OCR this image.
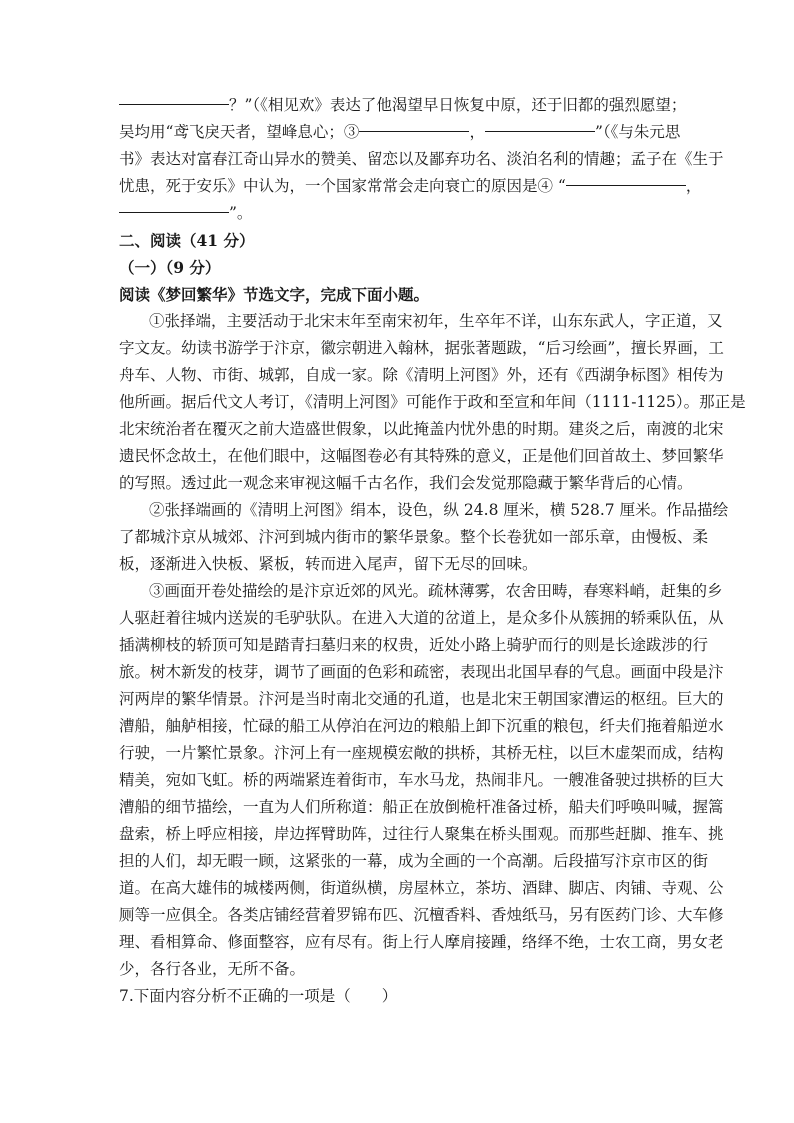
？”（《相见欢》表达了他渴望早日恢复中原，还于旧都的强烈愿望；

吴均用“鸢飞戾天者，望峰息心；③	，	”（《与朱元思

书》表达对富春江奇山异水的赞美、留恋以及鄙弃功名、淡泊名利的情趣；孟子在《生于

忧患，死于安乐》中认为，一个国家常常会走向衰亡的原因是④ “	，

”。

二、阅读（41 分）

（一）（9 分）

阅读《梦回繁华》节选文字，完成下面小题。

①张择端，主要活动于北宋末年至南宋初年，生卒年不详，山东东武人，字正道，又

字文友。幼读书游学于汴京，徽宗朝进入翰林，据张著题跋，“后习绘画”，擅长界画，工

舟车、人物、市街、城郭，自成一家。除《清明上河图》外，还有《西湖争标图》相传为

他所画。据后代文人考订，《清明上河图》可能作于政和至宣和年间（1111-1125）。那正是

北宋统治者在覆灭之前大造盛世假象，以此掩盖内忧外患的时期。建炎之后，南渡的北宋

遗民怀念故土，在他们眼中，这幅图卷必有其特殊的意义，正是他们回首故土、梦回繁华

的写照。透过此一观念来审视这幅千古名作，我们会发觉那隐藏于繁华背后的心情。

②张择端画的《清明上河图》绢本，设色，纵 24.8 厘米，横 528.7 厘米。作品描绘

了都城汴京从城郊、汴河到城内街市的繁华景象。整个长卷犹如一部乐章，由慢板、柔

板，逐渐进入快板、紧板，转而进入尾声，留下无尽的回味。

③画面开卷处描绘的是汴京近郊的风光。疏林薄雾，农舍田畴，春寒料峭，赶集的乡

人驱赶着往城内送炭的毛驴驮队。在进入大道的岔道上，是众多仆从簇拥的轿乘队伍，从

插满柳枝的轿顶可知是踏青扫墓归来的权贵，近处小路上骑驴而行的则是长途跋涉的行

旅。树木新发的枝芽，调节了画面的色彩和疏密，表现出北国早春的气息。画面中段是汴

河两岸的繁华情景。汴河是当时南北交通的孔道，也是北宋王朝国家漕运的枢纽。巨大的

漕船，舳舻相接，忙碌的船工从停泊在河边的粮船上卸下沉重的粮包，纤夫们拖着船逆水

行驶，一片繁忙景象。汴河上有一座规模宏敞的拱桥，其桥无柱，以巨木虚架而成，结构

精美，宛如飞虹。桥的两端紧连着街市，车水马龙，热闹非凡。一艘准备驶过拱桥的巨大

漕船的细节描绘，一直为人们所称道：船正在放倒桅杆准备过桥，船夫们呼唤叫喊，握篙

盘索，桥上呼应相接，岸边挥臂助阵，过往行人聚集在桥头围观。而那些赶脚、推车、挑

担的人们，却无暇一顾，这紧张的一幕，成为全画的一个高潮。后段描写汴京市区的街

道。在高大雄伟的城楼两侧，街道纵横，房屋林立，茶坊、酒肆、脚店、肉铺、寺观、公

厕等一应俱全。各类店铺经营着罗锦布匹、沉檀香料、香烛纸马，另有医药门诊、大车修

理、看相算命、修面整容，应有尽有。街上行人摩肩接踵，络绎不绝，士农工商，男女老

少，各行各业，无所不备。

7.下面内容分析不正确的一项是（　　）
